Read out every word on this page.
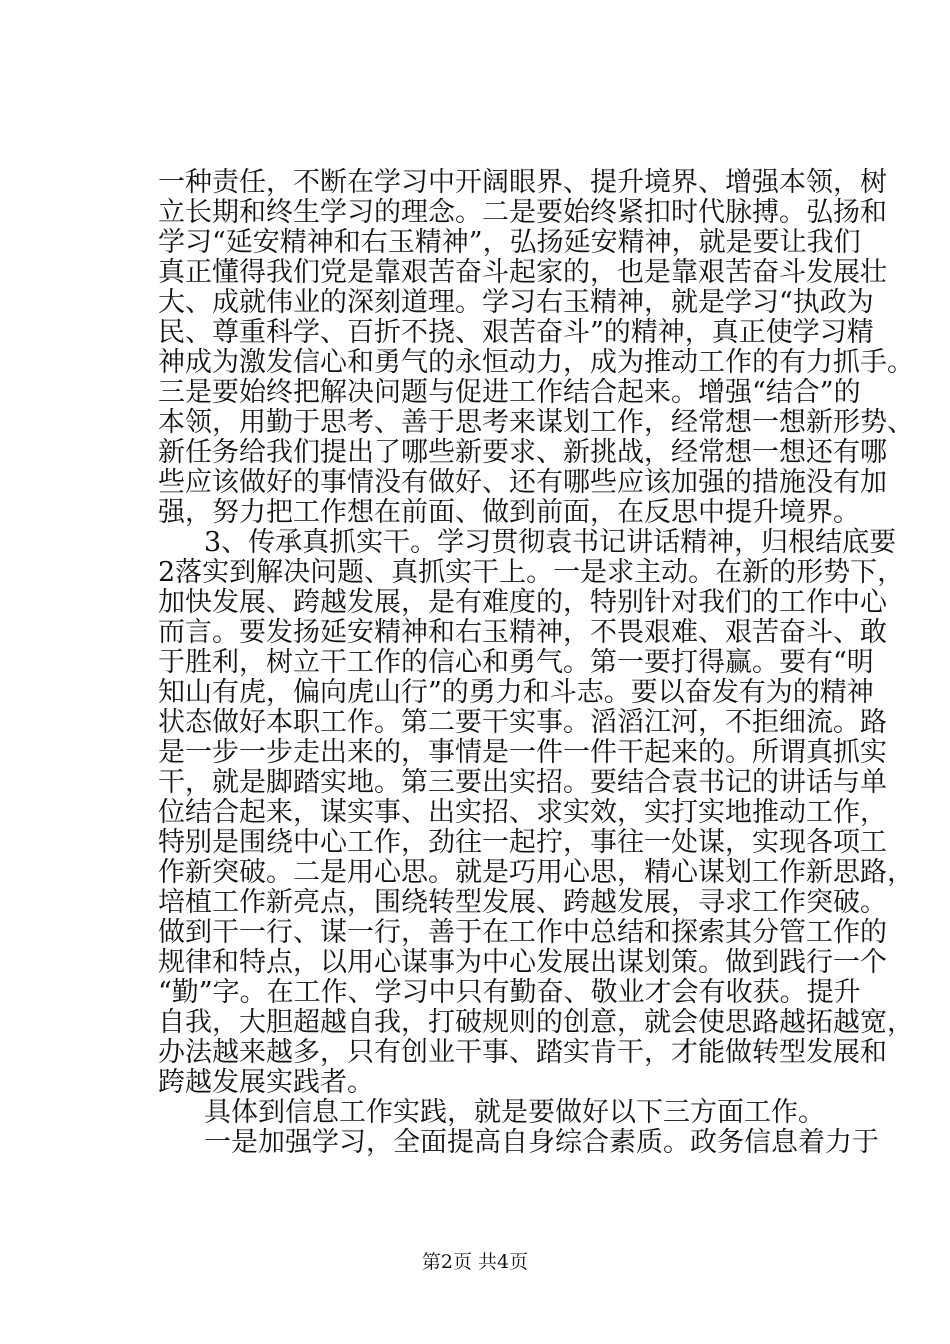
一种责任，不断在学习中开阔眼界、提升境界、增强本领，树
立长期和终生学习的理念。二是要始终紧扣时代脉搏。弘扬和
学习“延安精神和右玉精神”，弘扬延安精神，就是要让我们
真正懂得我们党是靠艰苦奋斗起家的，也是靠艰苦奋斗发展壮
大、成就伟业的深刻道理。学习右玉精神，就是学习“执政为
民、尊重科学、百折不挠、艰苦奋斗”的精神，真正使学习精
神成为激发信心和勇气的永恒动力，成为推动工作的有力抓手。
三是要始终把解决问题与促进工作结合起来。增强“结合”的
本领，用勤于思考、善于思考来谋划工作，经常想一想新形势、
新任务给我们提出了哪些新要求、新挑战，经常想一想还有哪
些应该做好的事情没有做好、还有哪些应该加强的措施没有加
强，努力把工作想在前面、做到前面，在反思中提升境界。
3、传承真抓实干。学习贯彻袁书记讲话精神，归根结底要
2落实到解决问题、真抓实干上。一是求主动。在新的形势下，
加快发展、跨越发展，是有难度的，特别针对我们的工作中心
而言。要发扬延安精神和右玉精神，不畏艰难、艰苦奋斗、敢
于胜利，树立干工作的信心和勇气。第一要打得赢。要有“明
知山有虎，偏向虎山行”的勇力和斗志。要以奋发有为的精神
状态做好本职工作。第二要干实事。滔滔江河，不拒细流。路
是一步一步走出来的，事情是一件一件干起来的。所谓真抓实
干，就是脚踏实地。第三要出实招。要结合袁书记的讲话与单
位结合起来，谋实事、出实招、求实效，实打实地推动工作，
特别是围绕中心工作，劲往一起拧，事往一处谋，实现各项工
作新突破。二是用心思。就是巧用心思，精心谋划工作新思路，
培植工作新亮点，围绕转型发展、跨越发展，寻求工作突破。
做到干一行、谋一行，善于在工作中总结和探索其分管工作的
规律和特点，以用心谋事为中心发展出谋划策。做到践行一个
“勤”字。在工作、学习中只有勤奋、敬业才会有收获。提升
自我，大胆超越自我，打破规则的创意，就会使思路越拓越宽，
办法越来越多，只有创业干事、踏实肯干，才能做转型发展和
跨越发展实践者。
具体到信息工作实践，就是要做好以下三方面工作。
一是加强学习，全面提高自身综合素质。政务信息着力于
第2页 共4页
